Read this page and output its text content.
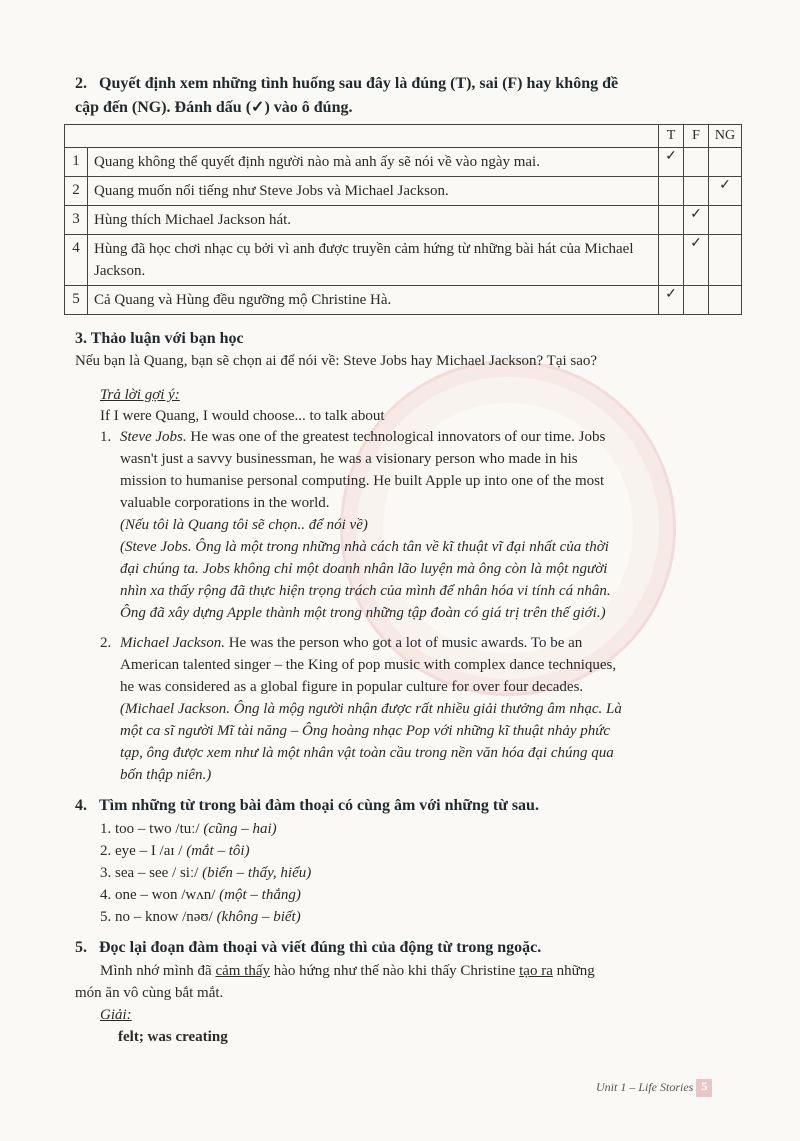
2. Quyết định xem những tình huống sau đây là đúng (T), sai (F) hay không đề
cập đến (NG). Đánh dấu (✓) vào ô đúng.
		T	F	NG
1	Quang không thể quyết định người nào mà anh ấy sẽ nói về vào ngày mai.	✓		
2	Quang muốn nổi tiếng như Steve Jobs và Michael Jackson.			✓
3	Hùng thích Michael Jackson hát.		✓	
4	Hùng đã học chơi nhạc cụ bởi vì anh được truyền cảm hứng từ những bài hát của Michael Jackson.		✓	
5	Cả Quang và Hùng đều ngưỡng mộ Christine Hà.	✓		
3. Thảo luận với bạn học
Nếu bạn là Quang, bạn sẽ chọn ai để nói về: Steve Jobs hay Michael Jackson? Tại sao?
Trả lời gợi ý:
If I were Quang, I would choose... to talk about
1. Steve Jobs. He was one of the greatest technological innovators of our time. Jobs
wasn't just a savvy businessman, he was a visionary person who made in his
mission to humanise personal computing. He built Apple up into one of the most
valuable corporations in the world.
(Nếu tôi là Quang tôi sẽ chọn.. để nói về)
(Steve Jobs. Ông là một trong những nhà cách tân về kĩ thuật vĩ đại nhất của thời
đại chúng ta. Jobs không chỉ một doanh nhân lão luyện mà ông còn là một người
nhìn xa thấy rộng đã thực hiện trọng trách của mình để nhân hóa vi tính cá nhân.
Ông đã xây dựng Apple thành một trong những tập đoàn có giá trị trên thế giới.)
2. Michael Jackson. He was the person who got a lot of music awards. To be an
American talented singer – the King of pop music with complex dance techniques,
he was considered as a global figure in popular culture for over four decades.
(Michael Jackson. Ông là mộg người nhận được rất nhiều giải thưởng âm nhạc. Là
một ca sĩ người Mĩ tài năng – Ông hoàng nhạc Pop với những kĩ thuật nhảy phức
tạp, ông được xem như là một nhân vật toàn cầu trong nền văn hóa đại chúng qua
bốn thập niên.)
4. Tìm những từ trong bài đàm thoại có cùng âm với những từ sau.
1. too – two /tuː/ (cũng – hai)
2. eye – I /aɪ / (mắt – tôi)
3. sea – see / siː/ (biển – thấy, hiểu)
4. one – won /wʌn/ (một – thắng)
5. no – know /nəʊ/ (không – biết)
5. Đọc lại đoạn đàm thoại và viết đúng thì của động từ trong ngoặc.
Mình nhớ mình đã cảm thấy hào hứng như thế nào khi thấy Christine tạo ra những
món ăn vô cùng bắt mắt.
Giải:
felt; was creating
Unit 1 – Life Stories 5
